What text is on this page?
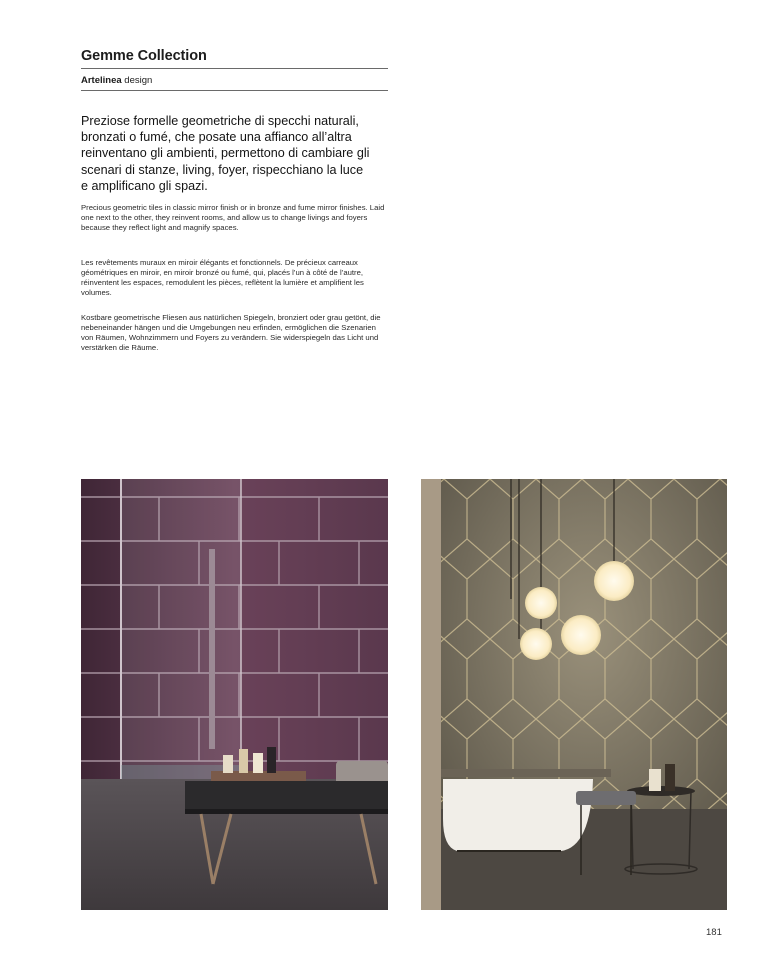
Gemme Collection

Artelinea design

Preziose formelle geometriche di specchi naturali, bronzati o fumé, che posate una affianco all’altra reinventano gli ambienti, permettono di cambiare gli scenari di stanze, living, foyer, rispecchiano la luce e amplificano gli spazi.

Precious geometric tiles in classic mirror finish or in bronze and fume mirror finishes. Laid one next to the other, they reinvent rooms, and allow us to change livings and foyers because they reflect light and magnify spaces.

Les revêtements muraux en miroir élégants et fonctionnels. De précieux carreaux géométriques en miroir, en miroir bronzé ou fumé, qui, placés l’un à côté de l’autre, réinventent les espaces, remodulent les pièces, reflètent la lumière et amplifient les volumes.

Kostbare geometrische Fliesen aus natürlichen Spiegeln, bronziert oder grau getönt, die nebeneinander hängen und die Umgebungen neu erfinden, ermöglichen die Szenarien von Räumen, Wohnzimmern und Foyers zu verändern. Sie widerspiegeln das Licht und verstärken die Räume.

181
